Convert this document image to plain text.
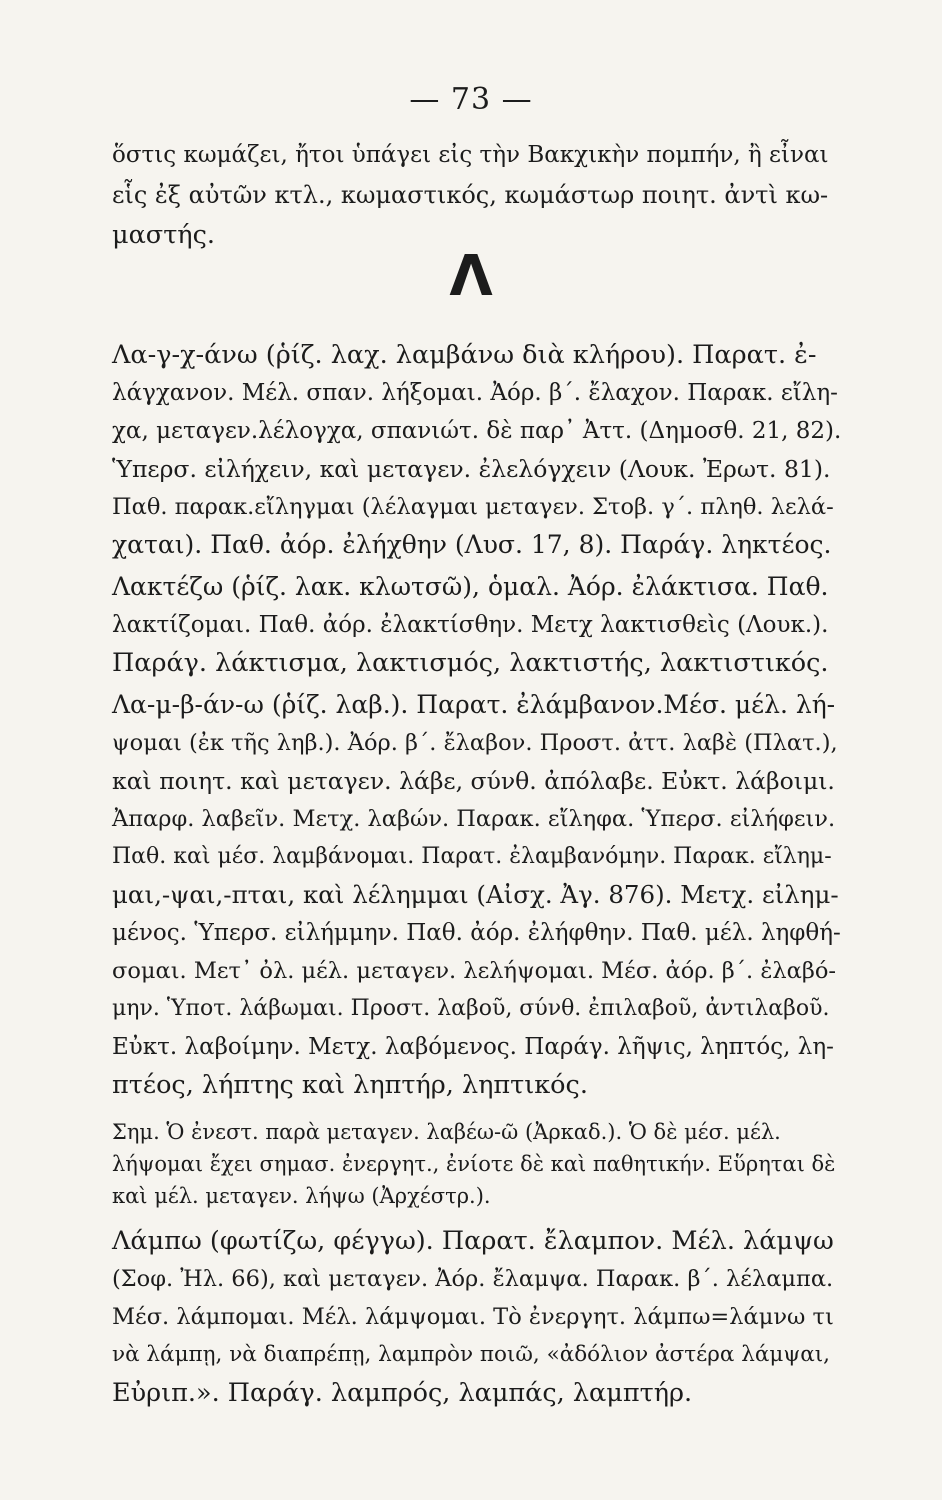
— 73 —
ὅστις κωμάζει, ἤτοι ὑπάγει εἰς τὴν Βακχικὴν πομπήν, ἢ εἶναι
εἷς ἐξ αὐτῶν κτλ., κωμαστικός, κωμάστωρ ποιητ. ἀντὶ κω-
μαστής.
Λ
Λα-γ-χ-άνω (ῥίζ. λαχ. λαμβάνω διὰ κλήρου). Παρατ. ἐ-
λάγχανον. Μέλ. σπαν. λήξομαι. Ἀόρ. β΄. ἔλαχον. Παρακ. εἴλη-
χα, μεταγεν.λέλογχα, σπανιώτ. δὲ παρ᾽ Ἀττ. (Δημοσθ. 21, 82).
Ὑπερσ. εἰλήχειν, καὶ μεταγεν. ἐλελόγχειν (Λουκ. Ἐρωτ. 81).
Παθ. παρακ.εἴληγμαι (λέλαγμαι μεταγεν. Στοβ. γ΄. πληθ. λελά-
χαται). Παθ. ἀόρ. ἐλήχθην (Λυσ. 17, 8). Παράγ. ληκτέος.
Λακτέζω (ῥίζ. λακ. κλωτσῶ), ὁμαλ. Ἀόρ. ἐλάκτισα. Παθ.
λακτίζομαι. Παθ. ἀόρ. ἐλακτίσθην. Μετχ λακτισθεὶς (Λουκ.).
Παράγ. λάκτισμα, λακτισμός, λακτιστής, λακτιστικός.
Λα-μ-β-άν-ω (ῥίζ. λαβ.). Παρατ. ἐλάμβανον.Μέσ. μέλ. λή-
ψομαι (ἐκ τῆς ληβ.). Ἀόρ. β΄. ἔλαβον. Προστ. ἀττ. λαβὲ (Πλατ.),
καὶ ποιητ. καὶ μεταγεν. λάβε, σύνθ. ἀπόλαβε. Εὐκτ. λάβοιμι.
Ἀπαρφ. λαβεῖν. Μετχ. λαβών. Παρακ. εἴληφα. Ὑπερσ. εἰλήφειν.
Παθ. καὶ μέσ. λαμβάνομαι. Παρατ. ἐλαμβανόμην. Παρακ. εἴλημ-
μαι,-ψαι,-πται, καὶ λέλημμαι (Αἰσχ. Ἀγ. 876). Μετχ. εἰλημ-
μένος. Ὑπερσ. εἰλήμμην. Παθ. ἀόρ. ἐλήφθην. Παθ. μέλ. ληφθή-
σομαι. Μετ᾽ ὀλ. μέλ. μεταγεν. λελήψομαι. Μέσ. ἀόρ. β΄. ἐλαβό-
μην. Ὑποτ. λάβωμαι. Προστ. λαβοῦ, σύνθ. ἐπιλαβοῦ, ἀντιλαβοῦ.
Εὐκτ. λαβοίμην. Μετχ. λαβόμενος. Παράγ. λῆψις, ληπτός, λη-
πτέος, λήπτης καὶ ληπτήρ, ληπτικός.
Σημ. Ὁ ἐνεστ. παρὰ μεταγεν. λαβέω-ῶ (Ἀρκαδ.). Ὁ δὲ μέσ. μέλ.
λήψομαι ἔχει σημασ. ἐνεργητ., ἐνίοτε δὲ καὶ παθητικήν. Εὕρηται δὲ
καὶ μέλ. μεταγεν. λήψω (Ἀρχέστρ.).
Λάμπω (φωτίζω, φέγγω). Παρατ. ἔλαμπον. Μέλ. λάμψω
(Σοφ. Ἠλ. 66), καὶ μεταγεν. Ἀόρ. ἔλαμψα. Παρακ. β΄. λέλαμπα.
Μέσ. λάμπομαι. Μέλ. λάμψομαι. Τὸ ἐνεργητ. λάμπω=λάμνω τι
νὰ λάμπῃ, νὰ διαπρέπῃ, λαμπρὸν ποιῶ, «ἀδόλιον ἀστέρα λάμψαι,
Εὐριπ.». Παράγ. λαμπρός, λαμπάς, λαμπτήρ.
